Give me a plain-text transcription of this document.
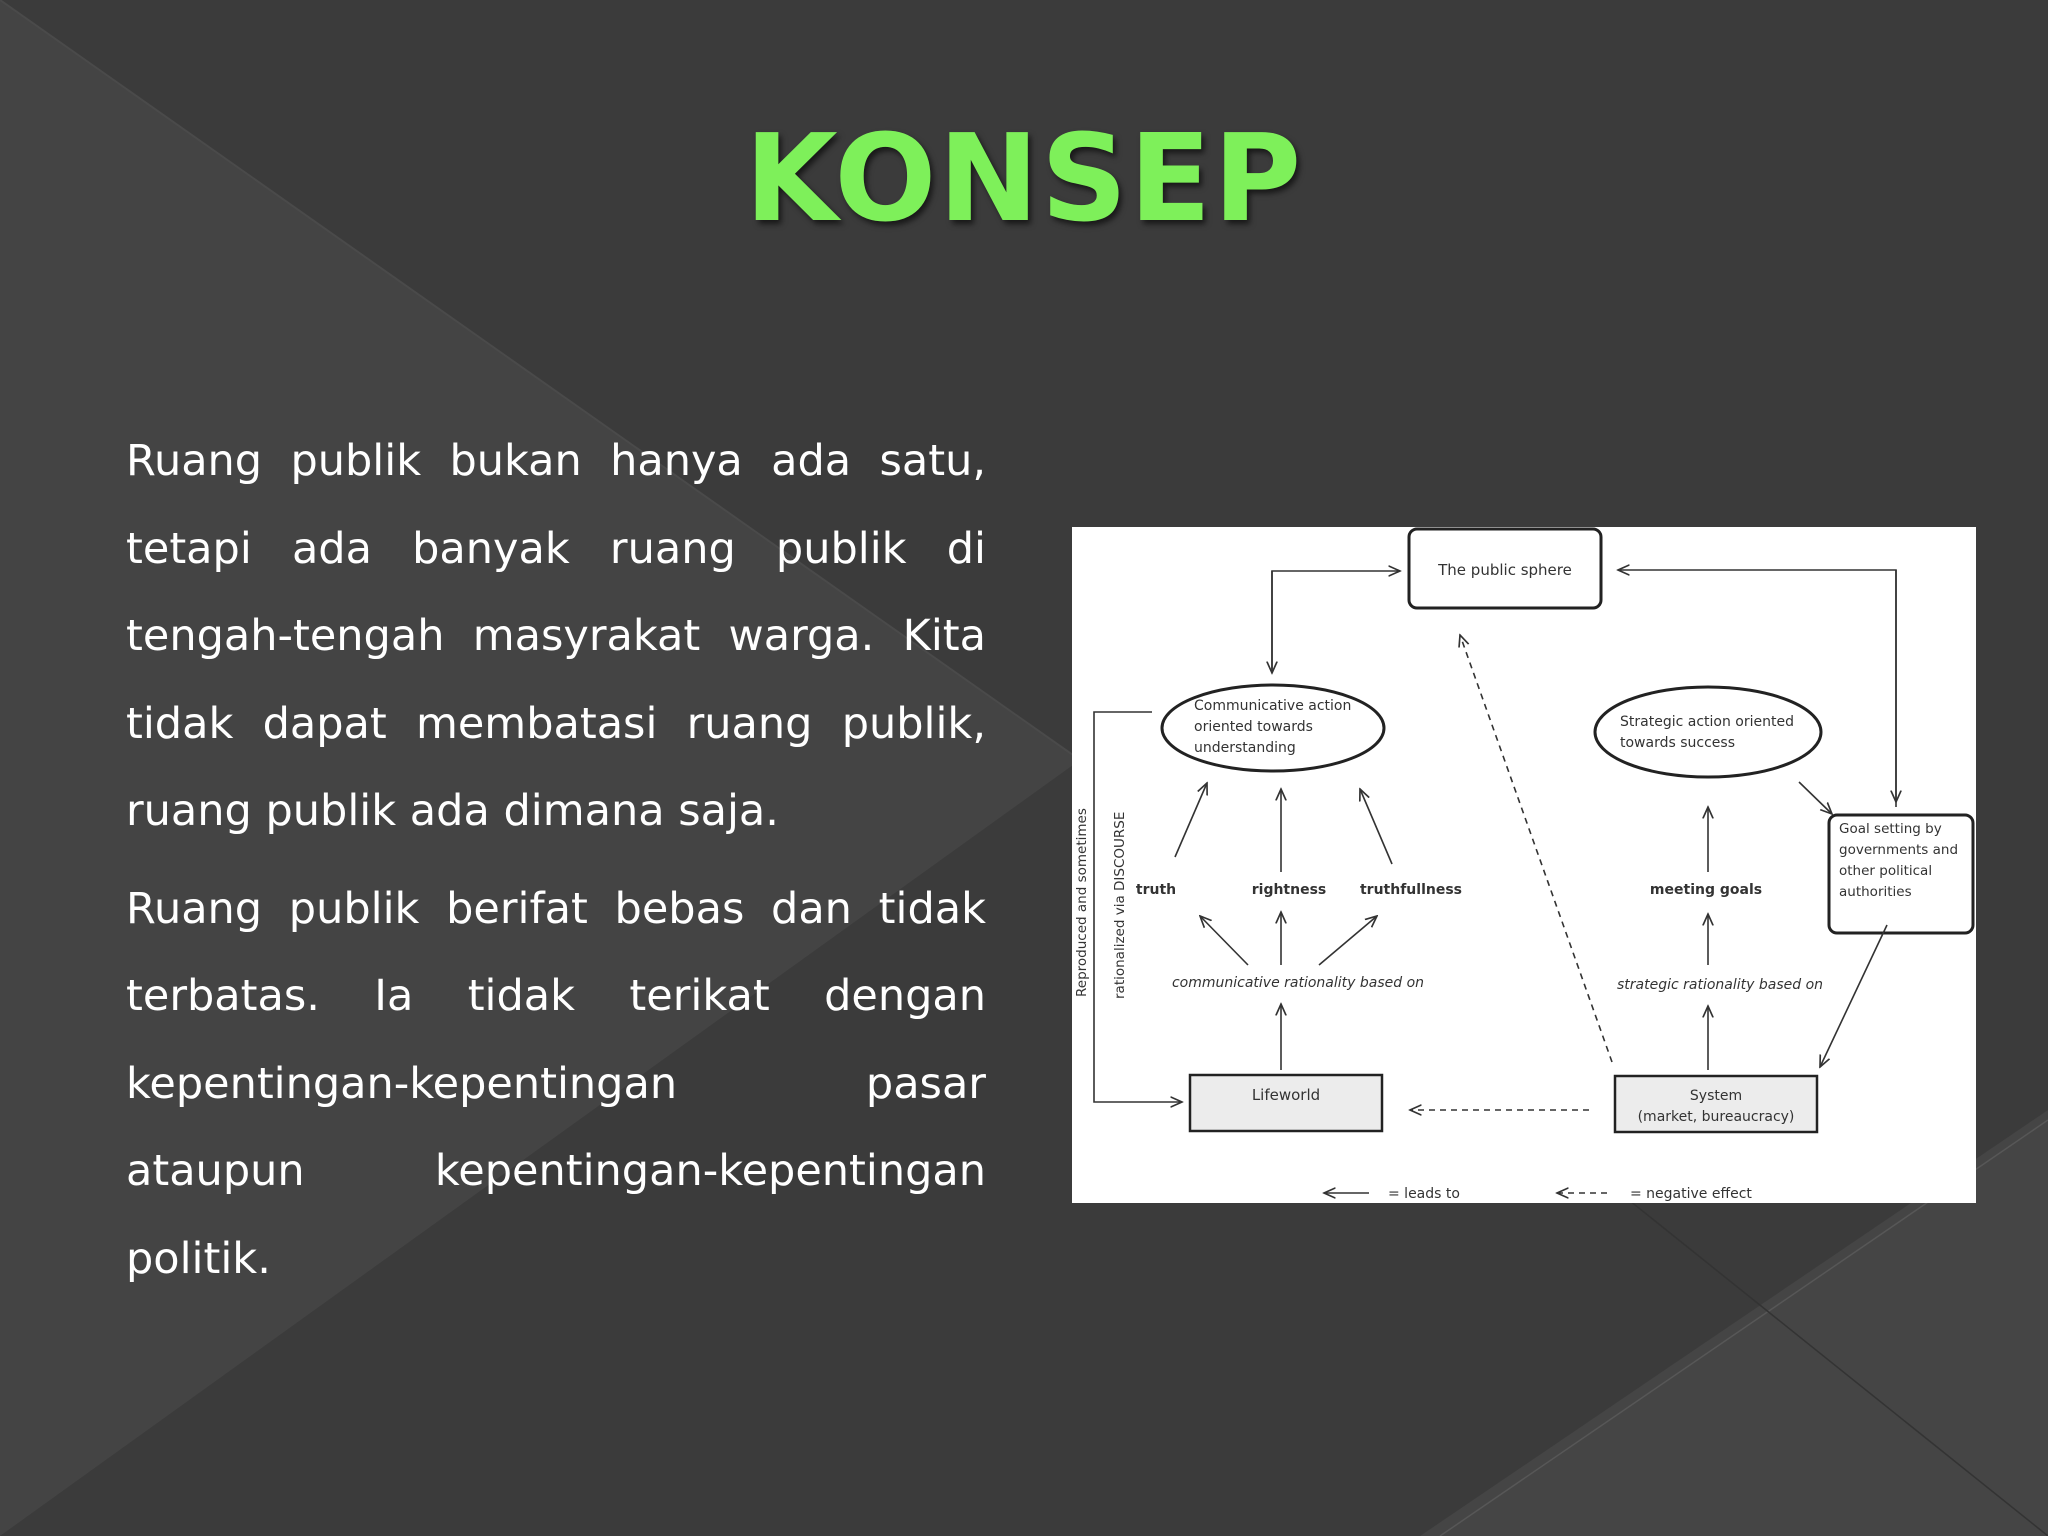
KONSEP

Ruang publik bukan hanya ada satu, tetapi ada banyak ruang publik di tengah-tengah masyrakat warga. Kita tidak dapat membatasi ruang publik, ruang publik ada dimana saja.

Ruang publik berifat bebas dan tidak terbatas. Ia tidak terikat dengan kepentingan-kepentingan pasar ataupun kepentingan-kepentingan politik.

The public sphere
Communicative action
oriented towards
understanding
Strategic action oriented
towards success
Goal setting by
governments and
other political
authorities
truth	rightness truthfullness	meeting goals
communicative rationality based on	strategic rationality based on
Lifeworld	System
(market, bureaucracy)
Reproduced and sometimes rationalized via DISCOURSE
= leads to	= negative effect
